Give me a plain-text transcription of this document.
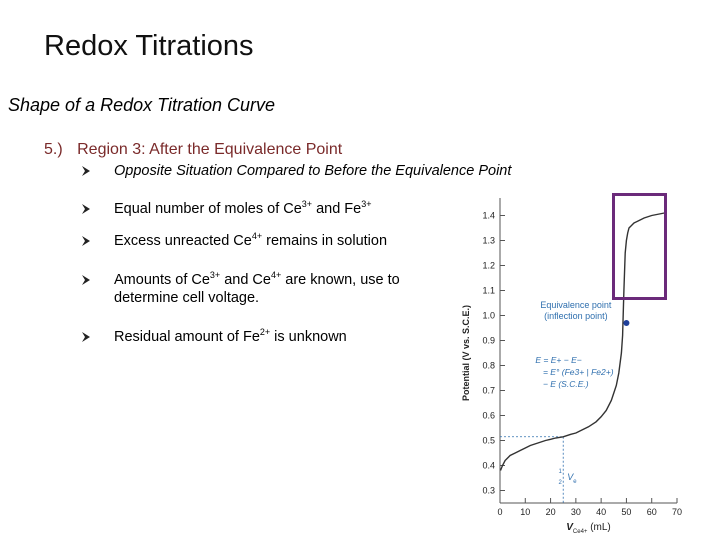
Redox Titrations
Shape of a Redox Titration Curve
5.) Region 3: After the Equivalence Point
Opposite Situation Compared to Before the Equivalence Point
Equal number of moles of $Ce^{3+}$ and $Fe^{3+}$
Excess unreacted $Ce^{4+}$ remains in solution
Amounts of $Ce^{3+}$ and $Ce^{4+}$ are known, use to determine cell voltage.
Residual amount of $Fe^{2+}$ is unknown
0.3
0.4
0.5
0.6
0.7
0.8
0.9
1.0
1.1
1.2
1.3
1.4
0 10 20 30 40 50 60 70
Potential (V vs. S.C.E.)
$V_{Ce4+}$ (mL)
Equivalence point
(inflection point)
1
2
V e
E = E+ − E−
= E° (Fe3+ | Fe2+)
− E (S.C.E.)
